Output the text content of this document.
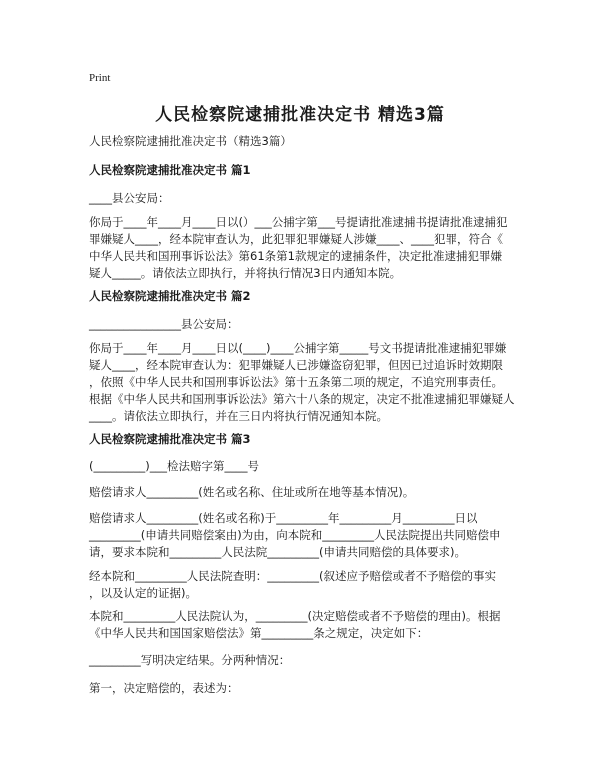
Print
人民检察院逮捕批准决定书 精选3篇
人民检察院逮捕批准决定书（精选3篇）
人民检察院逮捕批准决定书 篇1
____县公安局：
你局于____年____月____日以(）___公捕字第___号提请批准逮捕书提请批准逮捕犯
罪嫌疑人____，经本院审查认为，此犯罪犯罪嫌疑人涉嫌____、____犯罪，符合《
中华人民共和国刑事诉讼法》第61条第1款规定的逮捕条件，决定批准逮捕犯罪嫌
疑人_____。请依法立即执行，并将执行情况3日内通知本院。
人民检察院逮捕批准决定书 篇2
________________县公安局：
你局于____年____月____日以(____)____公捕字第_____号文书提请批准逮捕犯罪嫌
疑人____，经本院审查认为：犯罪嫌疑人已涉嫌盗窃犯罪，但因已过追诉时效期限
，依照《中华人民共和国刑事诉讼法》第十五条第二项的规定，不追究刑事责任。
根据《中华人民共和国刑事诉讼法》第六十八条的规定，决定不批准逮捕犯罪嫌疑人
____。请依法立即执行，并在三日内将执行情况通知本院。
人民检察院逮捕批准决定书 篇3
(_________)___检法赔字第____号
赔偿请求人_________(姓名或名称、住址或所在地等基本情况)。
赔偿请求人_________(姓名或名称)于_________年_________月_________日以
_________(申请共同赔偿案由)为由，向本院和_________人民法院提出共同赔偿申
请，要求本院和_________人民法院_________(申请共同赔偿的具体要求)。
经本院和_________人民法院查明：_________(叙述应予赔偿或者不予赔偿的事实
，以及认定的证据)。
本院和_________人民法院认为，_________(决定赔偿或者不予赔偿的理由)。根据
《中华人民共和国国家赔偿法》第_________条之规定，决定如下：
_________写明决定结果。分两种情况：
第一，决定赔偿的，表述为：
